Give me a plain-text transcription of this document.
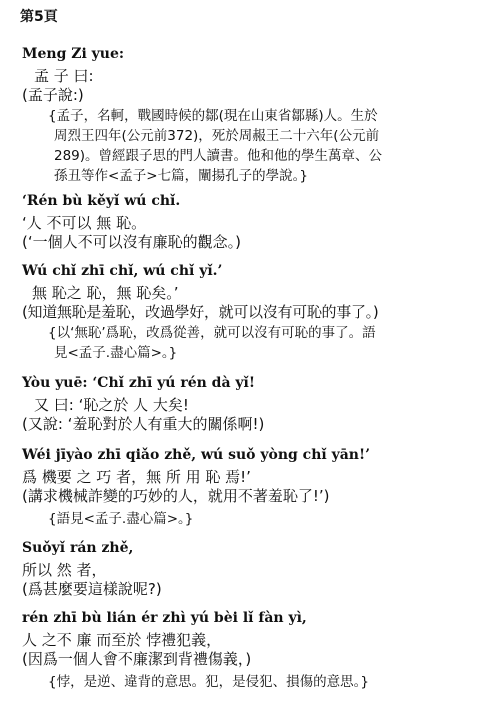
第5頁
Meng Zi yue:
孟 子 曰:
(孟子說:)
{孟子，名軻，戰國時候的鄒(現在山東省鄒縣)人。生於
周烈王四年(公元前372)，死於周赧王二十六年(公元前
289)。曾經跟子思的門人讀書。他和他的學生萬章、公
孫丑等作<孟子>七篇，闡揚孔子的學說。}
‘Rén bù kěyǐ wú chǐ.
‘人 不可以 無 恥。
(‘一個人不可以沒有廉恥的觀念。)
Wú chǐ zhī chǐ, wú chǐ yǐ.’
無 恥之 恥，無 恥矣。’
(知道無恥是羞恥，改過學好，就可以沒有可恥的事了。)
{以‘無恥’爲恥，改爲從善，就可以沒有可恥的事了。語
見<孟子.盡心篇>。}
Yòu yuē: ‘Chǐ zhī yú rén dà yǐ!
又 曰: ‘恥之於 人 大矣!
(又說: ‘羞恥對於人有重大的關係啊!)
Wéi jīyào zhī qiǎo zhě, wú suǒ yòng chǐ yān!’
爲 機要 之 巧 者，無 所 用 恥 焉!’
(講求機械詐變的巧妙的人，就用不著羞恥了!’)
{語見<孟子.盡心篇>。}
Suǒyǐ rán zhě,
所以 然 者，
(爲甚麼要這樣說呢?)
rén zhī bù lián ér zhì yú bèi lǐ fàn yì,
人 之不 廉 而至於 悖禮犯義，
(因爲一個人會不廉潔到背禮傷義，)
{悖，是逆、違背的意思。犯，是侵犯、損傷的意思。}
